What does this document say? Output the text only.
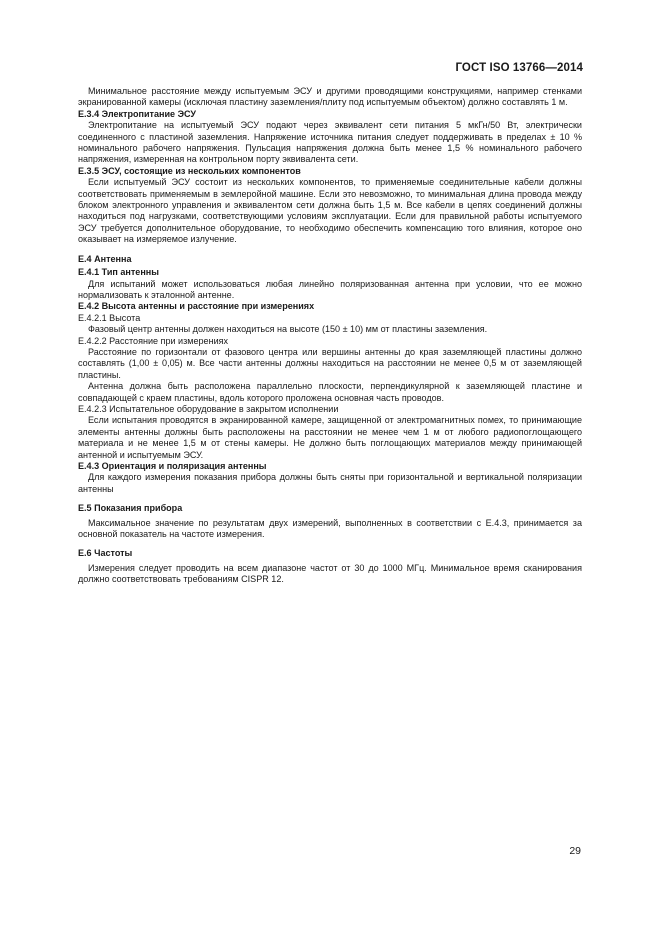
ГОСТ ISO 13766—2014

Минимальное расстояние между испытуемым ЭСУ и другими проводящими конструкциями, например стенками экранированной камеры (исключая пластину заземления/плиту под испытуемым объектом) должно составлять 1 м.

E.3.4 Электропитание ЭСУ

Электропитание на испытуемый ЭСУ подают через эквивалент сети питания 5 мкГн/50 Вт, электрически соединенного с пластиной заземления. Напряжение источника питания следует поддерживать в пределах ± 10 % номинального рабочего напряжения. Пульсация напряжения должна быть менее 1,5 % номинального рабочего напряжения, измеренная на контрольном порту эквивалента сети.

E.3.5 ЭСУ, состоящие из нескольких компонентов

Если испытуемый ЭСУ состоит из нескольких компонентов, то применяемые соединительные кабели должны соответствовать применяемым в землеройной машине. Если это невозможно, то минимальная длина провода между блоком электронного управления и эквивалентом сети должна быть 1,5 м. Все кабели в цепях соединений должны находиться под нагрузками, соответствующими условиям эксплуатации. Если для правильной работы испытуемого ЭСУ требуется дополнительное оборудование, то необходимо обеспечить компенсацию того влияния, которое оно оказывает на измеряемое излучение.

E.4 Антенна

E.4.1 Тип антенны

Для испытаний может использоваться любая линейно поляризованная антенна при условии, что ее можно нормализовать к эталонной антенне.

E.4.2 Высота антенны и расстояние при измерениях

E.4.2.1 Высота

Фазовый центр антенны должен находиться на высоте (150 ± 10) мм от пластины заземления.

E.4.2.2 Расстояние при измерениях

Расстояние по горизонтали от фазового центра или вершины антенны до края заземляющей пластины должно составлять (1,00 ± 0,05) м. Все части антенны должны находиться на расстоянии не менее 0,5 м от заземляющей пластины.

Антенна должна быть расположена параллельно плоскости, перпендикулярной к заземляющей пластине и совпадающей с краем пластины, вдоль которого проложена основная часть проводов.

E.4.2.3 Испытательное оборудование в закрытом исполнении

Если испытания проводятся в экранированной камере, защищенной от электромагнитных помех, то принимающие элементы антенны должны быть расположены на расстоянии не менее чем 1 м от любого радиопоглощающего материала и не менее 1,5 м от стены камеры. Не должно быть поглощающих материалов между принимающей антенной и испытуемым ЭСУ.

E.4.3 Ориентация и поляризация антенны

Для каждого измерения показания прибора должны быть сняты при горизонтальной и вертикальной поляризации антенны

E.5 Показания прибора

Максимальное значение по результатам двух измерений, выполненных в соответствии с E.4.3, принимается за основной показатель на частоте измерения.

E.6 Частоты

Измерения следует проводить на всем диапазоне частот от 30 до 1000 МГц. Минимальное время сканирования должно соответствовать требованиям CISPR 12.

29
